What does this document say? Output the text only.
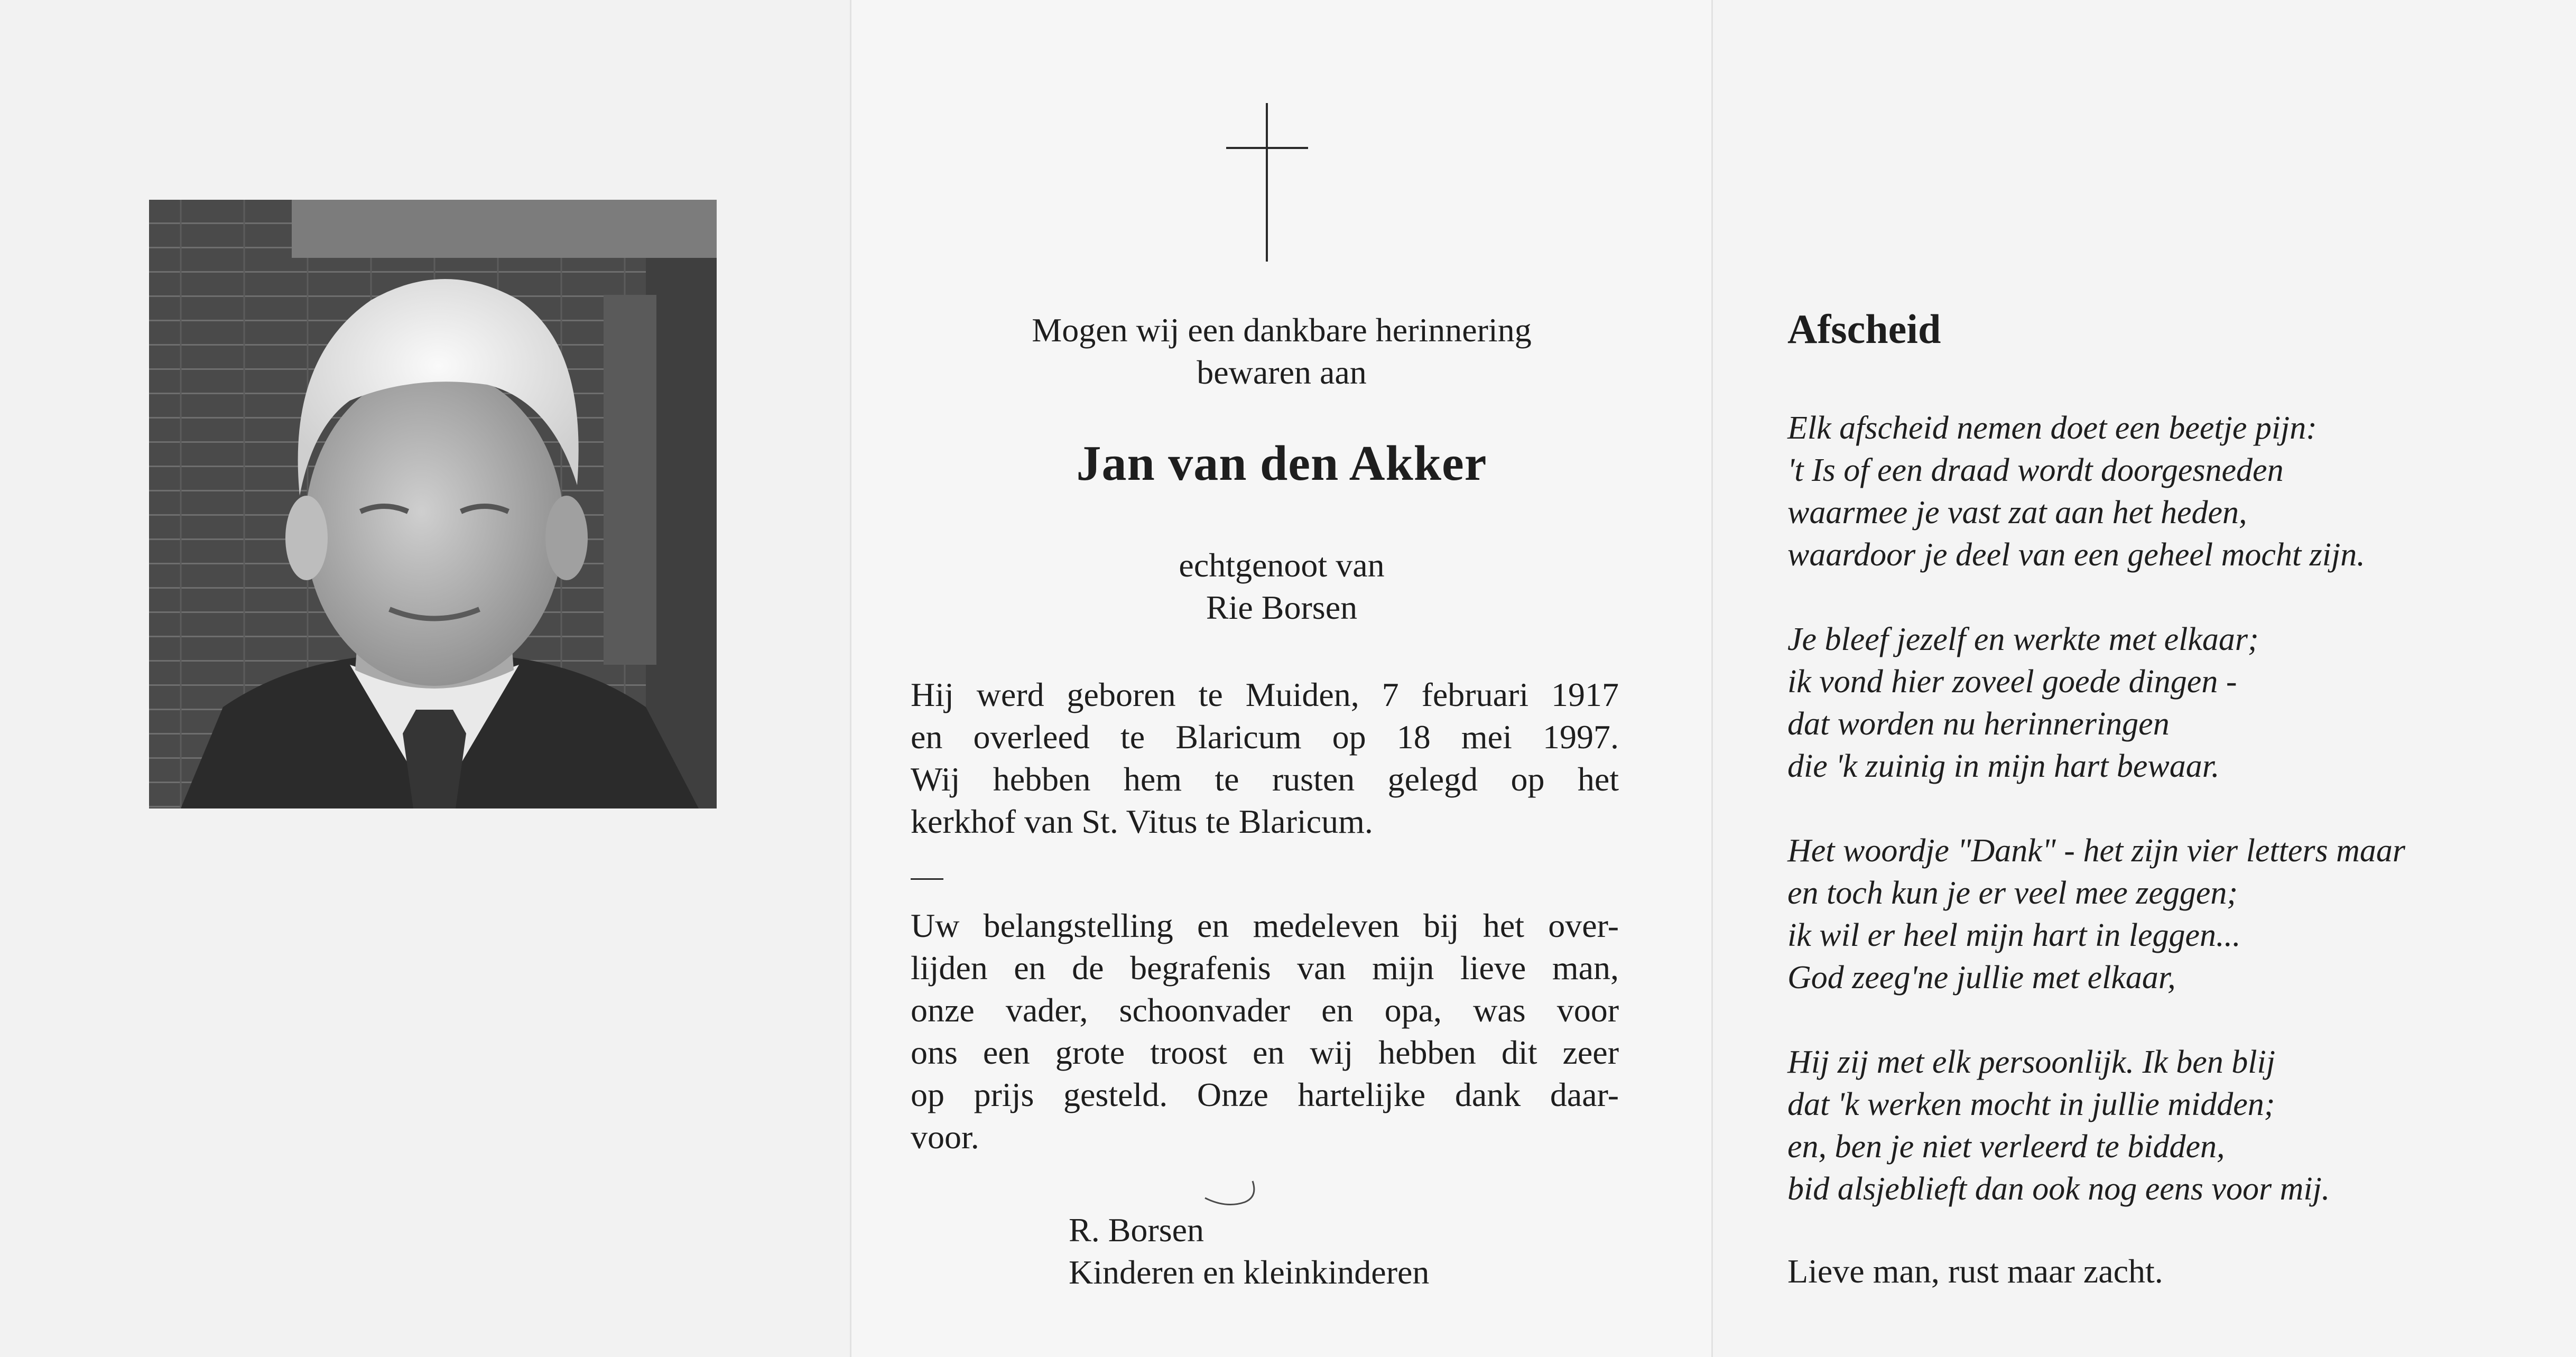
Mogen wij een dankbare herinnering
bewaren aan
Jan van den Akker
echtgenoot van
Rie Borsen
Hij werd geboren te Muiden, 7 februari 1917
en overleed te Blaricum op 18 mei 1997.
Wij hebben hem te rusten gelegd op het
kerkhof van St. Vitus te Blaricum.
Uw belangstelling en medeleven bij het over-
lijden en de begrafenis van mijn lieve man,
onze vader, schoonvader en opa, was voor
ons een grote troost en wij hebben dit zeer
op prijs gesteld. Onze hartelijke dank daar-
voor.
R. Borsen
Kinderen en kleinkinderen
Afscheid
Elk afscheid nemen doet een beetje pijn:
't Is of een draad wordt doorgesneden
waarmee je vast zat aan het heden,
waardoor je deel van een geheel mocht zijn.
Je bleef jezelf en werkte met elkaar;
ik vond hier zoveel goede dingen -
dat worden nu herinneringen
die 'k zuinig in mijn hart bewaar.
Het woordje "Dank" - het zijn vier letters maar
en toch kun je er veel mee zeggen;
ik wil er heel mijn hart in leggen...
God zeeg'ne jullie met elkaar,
Hij zij met elk persoonlijk. Ik ben blij
dat 'k werken mocht in jullie midden;
en, ben je niet verleerd te bidden,
bid alsjeblieft dan ook nog eens voor mij.
Lieve man, rust maar zacht.
